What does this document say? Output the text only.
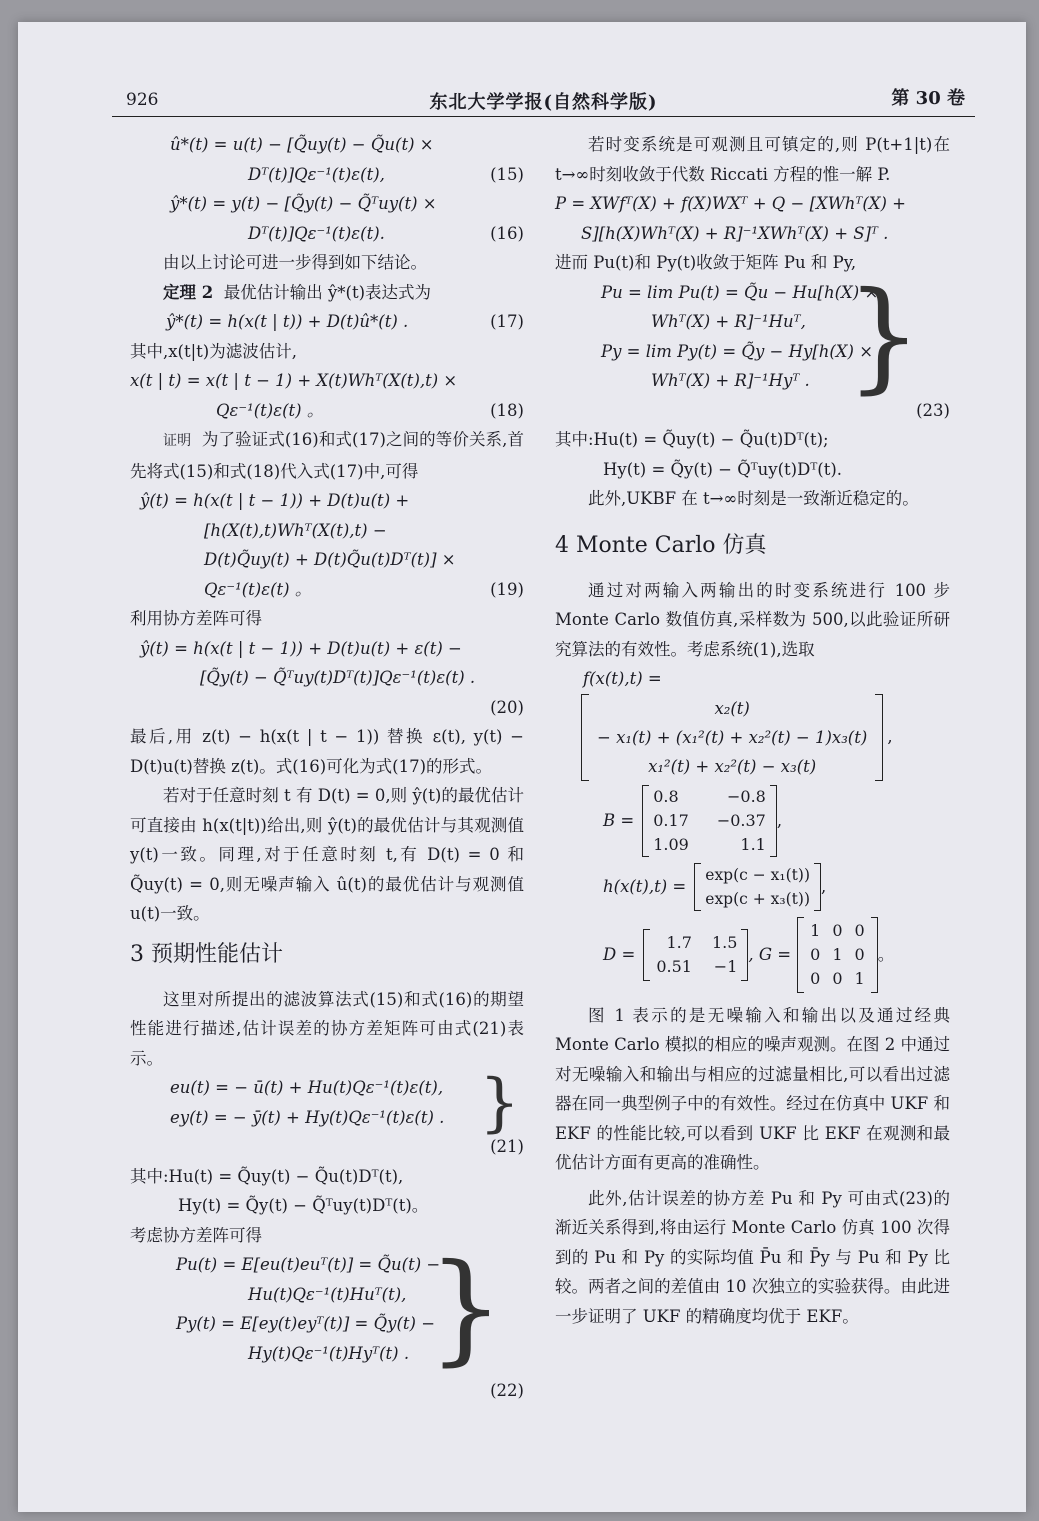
926	东北大学学报(自然科学版)	第 30 卷
û*(t) = u(t) − [Q̃uy(t) − Q̃u(t) ×
Dᵀ(t)]Qε⁻¹(t)ε(t),	(15)
ŷ*(t) = y(t) − [Q̃y(t) − Q̃ᵀuy(t) ×
Dᵀ(t)]Qε⁻¹(t)ε(t).	(16)

由以上讨论可进一步得到如下结论。

定理 2 最优估计输出 ŷ*(t)表达式为

ŷ*(t) = h(x(t | t)) + D(t)û*(t) .	(17)

其中,x(t|t)为滤波估计,

x(t | t) = x(t | t − 1) + X(t)Whᵀ(X(t),t) ×
Qε⁻¹(t)ε(t) 。	(18)

证明 为了验证式(16)和式(17)之间的等价关系,首先将式(15)和式(18)代入式(17)中,可得

ŷ(t) = h(x(t | t − 1)) + D(t)u(t) +
[h(X(t),t)Whᵀ(X(t),t) −
D(t)Q̃uy(t) + D(t)Q̃u(t)Dᵀ(t)] ×
Qε⁻¹(t)ε(t) 。	(19)

利用协方差阵可得

ŷ(t) = h(x(t | t − 1)) + D(t)u(t) + ε(t) −
[Q̃y(t) − Q̃ᵀuy(t)Dᵀ(t)]Qε⁻¹(t)ε(t) .
(20)

最后,用 z(t) − h(x(t | t − 1)) 替换 ε(t), y(t) − D(t)u(t)替换 z(t)。式(16)可化为式(17)的形式。

若对于任意时刻 t 有 D(t) = 0,则 ŷ(t)的最优估计可直接由 h(x(t|t))给出,则 ŷ(t)的最优估计与其观测值 y(t)一致。同理,对于任意时刻 t,有 D(t) = 0 和 Q̃uy(t) = 0,则无噪声输入 û(t)的最优估计与观测值 u(t)一致。

3 预期性能估计

这里对所提出的滤波算法式(15)和式(16)的期望性能进行描述,估计误差的协方差矩阵可由式(21)表示。

eu(t) = − ū(t) + Hu(t)Qε⁻¹(t)ε(t),
ey(t) = − ȳ(t) + Hy(t)Qε⁻¹(t)ε(t) . }
(21)
其中:Hu(t) = Q̃uy(t) − Q̃u(t)Dᵀ(t),
Hy(t) = Q̃y(t) − Q̃ᵀuy(t)Dᵀ(t)。

考虑协方差阵可得

Pu(t) = E[eu(t)euᵀ(t)] = Q̃u(t) −
Hu(t)Qε⁻¹(t)Huᵀ(t),
Py(t) = E[ey(t)eyᵀ(t)] = Q̃y(t) −
Hy(t)Qε⁻¹(t)Hyᵀ(t) . }
(22)

若时变系统是可观测且可镇定的,则 P(t+1|t)在 t→∞时刻收敛于代数 Riccati 方程的惟一解 P.

P = XWfᵀ(X) + f(X)WXᵀ + Q − [XWhᵀ(X) +
S][h(X)Whᵀ(X) + R]⁻¹XWhᵀ(X) + S]ᵀ .

进而 Pu(t)和 Py(t)收敛于矩阵 Pu 和 Py,

Pu = lim Pu(t) = Q̃u − Hu[h(X) ×
Whᵀ(X) + R]⁻¹Huᵀ,
Py = lim Py(t) = Q̃y − Hy[h(X) ×
Whᵀ(X) + R]⁻¹Hyᵀ . }
(23)
其中:Hu(t) = Q̃uy(t) − Q̃u(t)Dᵀ(t);
Hy(t) = Q̃y(t) − Q̃ᵀuy(t)Dᵀ(t).

此外,UKBF 在 t→∞时刻是一致渐近稳定的。

4 Monte Carlo 仿真

通过对两输入两输出的时变系统进行 100 步 Monte Carlo 数值仿真,采样数为 500,以此验证所研究算法的有效性。考虑系统(1),选取

f(x(t),t) =
x₂(t)
− x₁(t) + (x₁²(t) + x₂²(t) − 1)x₃(t)
x₁²(t) + x₂²(t) − x₃(t)
,
B =
0.8	−0.8
0.17	−0.37
1.09	1.1
,
h(x(t),t) =
exp(c − x₁(t))
exp(c + x₃(t))
,
D =
1.7	1.5
0.51	−1
, G =
1	0	0
0	1	0
0	0	1
。

图 1 表示的是无噪输入和输出以及通过经典 Monte Carlo 模拟的相应的噪声观测。在图 2 中通过对无噪输入和输出与相应的过滤量相比,可以看出过滤器在同一典型例子中的有效性。经过在仿真中 UKF 和 EKF 的性能比较,可以看到 UKF 比 EKF 在观测和最优估计方面有更高的准确性。

此外,估计误差的协方差 Pu 和 Py 可由式(23)的渐近关系得到,将由运行 Monte Carlo 仿真 100 次得到的 Pu 和 Py 的实际均值 P̄u 和 P̄y 与 Pu 和 Py 比较。两者之间的差值由 10 次独立的实验获得。由此进一步证明了 UKF 的精确度均优于 EKF。
